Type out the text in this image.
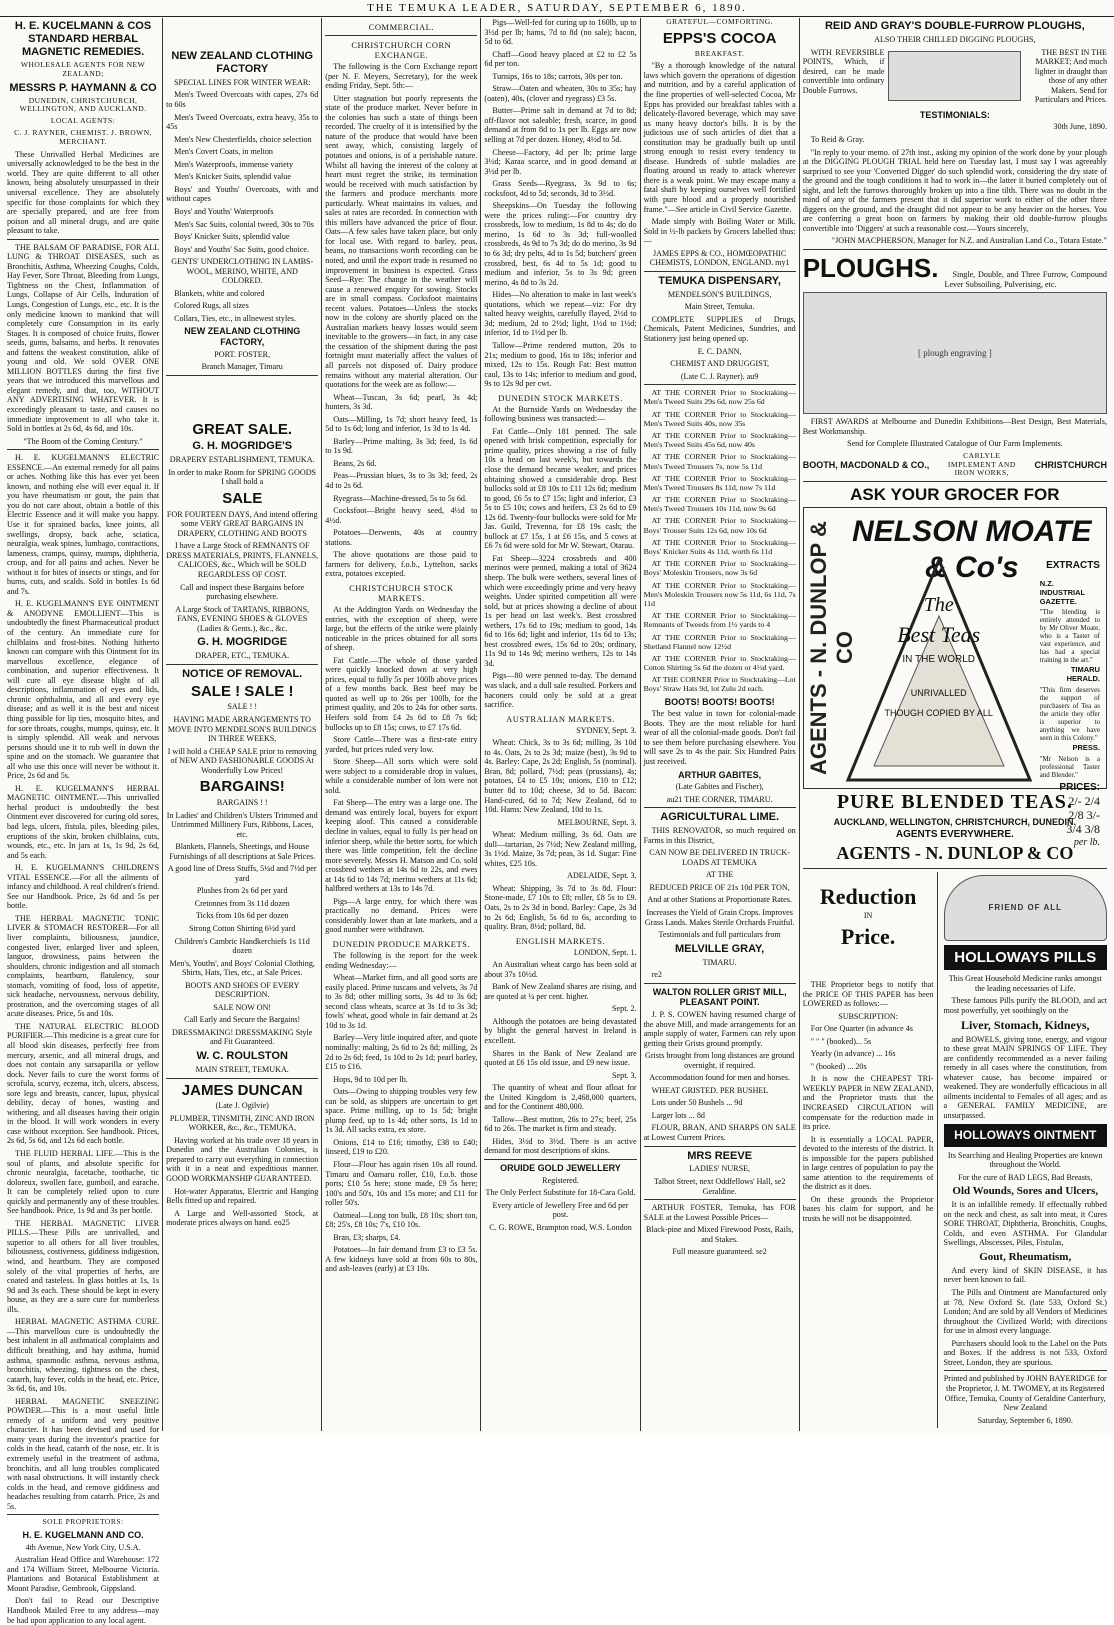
THE TEMUKA LEADER, SATURDAY, SEPTEMBER 6, 1890.
H. E. KUCELMANN & COS STANDARD HERBAL MAGNETIC REMEDIES.

WHOLESALE AGENTS FOR NEW ZEALAND;

MESSRS P. HAYMANN & CO

DUNEDIN, CHRISTCHURCH, WELLINGTON, AND AUCKLAND.

LOCAL AGENTS:

C. J. RAYNER, CHEMIST. J. BROWN, MERCHANT.

These Unrivalled Herbal Medicines are universally acknowledged to be the best in the world. They are quite different to all other known, being absolutely unsurpassed in their universal excellence. They are absolutely specific for those complaints for which they are specially prepared, and are free from poison and all mineral drugs, and are quite pleasant to take.

THE BALSAM OF PARADISE, FOR ALL LUNG & THROAT DISEASES, such as Bronchitis, Asthma, Wheezing Coughs, Colds, Hay Fever, Sore Throat, Bleeding from Lungs, Tightness on the Chest, Inflammation of Lungs, Collapse of Air Cells, Induration of Lungs, Congestion of Lungs, etc., etc. It is the only medicine known to mankind that will completely cure Consumption in its early Stages. It is composed of choice fruits, flower seeds, gums, balsams, and herbs. It renovates and fattens the weakest constitution, alike of young and old. We sold OVER ONE MILLION BOTTLES during the first five years that we introduced this marvellous and elegant remedy, and that, too, WITHOUT ANY ADVERTISING WHATEVER. It is exceedingly pleasant to taste, and causes no immediate improvement to all who take it. Sold in bottles at 2s 6d, 4s 6d, and 10s.

"The Boom of the Coming Century."

H. E. KUGELMANN'S ELECTRIC ESSENCE.—An external remedy for all pains or aches. Nothing like this has ever yet been known, and nothing else will ever equal it. If you have rheumatism or gout, the pain that you do not care about, obtain a bottle of this Electric Essence and it will make you happy. Use it for sprained backs, knee joints, all swellings, dropsy, back ache, sciatica, neuralgia, weak spines, lumbago, contractions, lameness, cramps, quinsy, mumps, diphtheria, croup, and for all pains and aches. Never be without it for bites of insects or stings, and for burns, cuts, and scalds. Sold in bottles 1s 6d and 7s.

H. E. KUGELMANN'S EYE OINTMENT & ANODYNE EMOLLIENT—This is undoubtedly the finest Pharmaceutical product of the century. An immediate cure for chilblains and frost-bites. Nothing hitherto known can compare with this Ointment for its marvellous excellence, elegance of combination, and superior effectiveness. It will cure all eye disease blight of all descriptions, inflammation of eyes and lids, chronic ophthalmia, and all and every eye disease; and as well it is the best and nicest thing possible for lip ties, mosquito bites, and for sore throats, coughs, mumps, quinsy, etc. It is simply splendid. All weak and nervous persons should use it to rub well in down the spine and on the stomach. We guarantee that all who use this once will never be without it. Price, 2s 6d and 5s.

H. E. KUGELMANN'S HERBAL MAGNETIC OINTMENT.—This unrivalled herbal product is undoubtedly the best Ointment ever discovered for curing old sores, bad legs, ulcers, fistula, piles, bleeding piles, eruptions of the skin, broken chilblains, cuts, wounds, etc., etc. In jars at 1s, 1s 9d, 2s 6d, and 5s each.

H. E. KUGELMANN'S CHILDREN'S VITAL ESSENCE.—For all the ailments of infancy and childhood. A real children's friend. See our Handbook. Price, 2s 6d and 5s per bottle.

THE HERBAL MAGNETIC TONIC LIVER & STOMACH RESTORER—For all liver complaints, biliousness, jaundice, congested liver, enlarged liver and spleen, languor, drowsiness, pains between the shoulders, chronic indigestion and all stomach complaints, heartburn, flatulency, sour stomach, vomiting of food, loss of appetite, sick headache, nervousness, nervous debility, prostration, and the overcoming stages of all acute diseases. Price, 5s and 10s.

THE NATURAL ELECTRIC BLOOD PURIFIER.—This medicine is a great cure for all blood skin diseases, perfectly free from mercury, arsenic, and all mineral drugs, and does not contain any sarsaparilla or yellow dock. Never fails to cure the worst forms of scrofula, scurvy, eczema, itch, ulcers, abscess, sore legs and breasts, cancer, lupus, physical debility, decay of bones, wasting and withering, and all diseases having their origin in the blood. It will work wonders in every case without exception. See handbook. Prices, 2s 6d, 5s 6d, and 12s 6d each bottle.

THE FLUID HERBAL LIFE.—This is the soul of plants, and absolute specific for chronic neuralgia, facetache, toothache, tic doloreux, swollen face, gumboil, and earache. It can be completely relied upon to cure quickly and permanently any of these troubles. See handbook. Price, 1s 9d and 3s per bottle.

THE HERBAL MAGNETIC LIVER PILLS.—These Pills are unrivalled, and superior to all others for all liver troubles, biliousness, costiveness, giddiness indigestion, wind, and heartburn. They are composed solely of the vital properties of herbs, are coated and tasteless. In glass bottles at 1s, 1s 9d and 3s each. These should be kept in every house, as they are a sure cure for numberless ills.

HERBAL MAGNETIC ASTHMA CURE.—This marvellous cure is undoubtedly the best inhalent in all asthmatical complaints and difficult breathing, and hay asthma, humid asthma, spasmodic asthma, nervous asthma, bronchitis, wheezing, tightness on the chest, catarrh, hay fever, colds in the head, etc. Price, 3s 6d, 6s, and 10s.

HERBAL MAGNETIC SNEEZING POWDER.—This is a most useful little remedy of a uniform and very positive character. It has been devised and used for many years during the inventor's practice for colds in the head, catarrh of the nose, etc. It is extremely useful in the treatment of asthma, bronchitis, and all lung troubles complicated with nasal obstructions. It will instantly check colds in the head, and remove giddiness and headaches resulting from catarrh. Price, 2s and 5s.

SOLE PROPRIETORS:

H. E. KUGELMANN AND CO.

4th Avenue, New York City, U.S.A.

Australian Head Office and Warehouse: 172 and 174 William Street, Melbourne Victoria. Plantations and Botanical Establishment at Mount Paradise, Gembrook, Gippsland.

Don't fail to Read our Descriptive Handbook Mailed Free to any address—may be had upon application to any local agent.

NEW ZEALAND CLOTHING FACTORY

SPECIAL LINES FOR WINTER WEAR:

Men's Tweed Overcoats with capes, 27s 6d to 60s

Men's Tweed Overcoats, extra heavy, 35s to 45s

Men's New Chesterfields, choice selection

Men's Covert Coats, in melton

Men's Waterproofs, immense variety

Men's Knicker Suits, splendid value

Boys' and Youths' Overcoats, with and without capes

Boys' and Youths' Waterproofs

Men's Sac Suits, colonial tweed, 30s to 70s

Boys' Knicker Suits, splendid value

Boys' and Youths' Sac Suits, good choice.

GENTS' UNDERCLOTHING IN LAMBS-WOOL, MERINO, WHITE, AND COLORED.

Blankets, white and colored

Colored Rugs, all sizes

Collars, Ties, etc., in allnewest styles.

NEW ZEALAND CLOTHING FACTORY,

PORT. FOSTER,

Branch Manager, Timaru

GREAT SALE.
G. H. MOGRIDGE'S

DRAPERY ESTABLISHMENT, TEMUKA.

In order to make Room for SPRING GOODS I shall hold a

SALE

FOR FOURTEEN DAYS, And intend offering some VERY GREAT BARGAINS IN DRAPERY, CLOTHING AND BOOTS

I have a Large Stock of REMNANTS OF DRESS MATERIALS, PRINTS, FLANNELS, CALICOES, &c., Which will be SOLD REGARDLESS OF COST.

Call and inspect these Bargains before purchasing elsewhere.

A Large Stock of TARTANS, RIBBONS, FANS, EVENING SHOES & GLOVES (Ladies & Gents.), &c., &c.

G. H. MOGRIDGE

DRAPER, ETC., TEMUKA.

NOTICE OF REMOVAL.
SALE ! SALE !

SALE ! !

HAVING MADE ARRANGEMENTS TO MOVE INTO MENDELSON'S BUILDINGS IN THREE WEEKS,

I will hold a CHEAP SALE prior to removing of NEW AND FASHIONABLE GOODS At Wonderfully Low Prices!

BARGAINS!

BARGAINS ! !

In Ladies' and Children's Ulsters Trimmed and Untrimmed Millinery Furs, Ribbons, Laces, etc.

Blankets, Flannels, Sheetings, and House Furnishings of all descriptions at Sale Prices.

A good line of Dress Stuffs, 5¼d and 7½d per yard

Plushes from 2s 6d per yard

Cretonnes from 3s 11d dozen

Ticks from 10s 6d per dozen

Strong Cotton Shirting 6½d yard

Children's Cambric Handkerchiefs 1s 11d dozen

Men's, Youths', and Boys' Colonial Clothing, Shirts, Hats, Ties, etc., at Sale Prices.

BOOTS AND SHOES OF EVERY DESCRIPTION.

SALE NOW ON!

Call Early and Secure the Bargains!

DRESSMAKING! DRESSMAKING Style and Fit Guaranteed.

W. C. ROULSTON

MAIN STREET, TEMUKA.

JAMES DUNCAN

(Late J. Ogilvie)

PLUMBER, TINSMITH, ZINC AND IRON WORKER, &c., &c., TEMUKA,

Having worked at his trade over 18 years in Dunedin and the Australian Colonies, is prepared to carry out everything in connection with it in a neat and expeditious manner. GOOD WORKMANSHIP GUARANTEED.

Hot-water Apparatus, Electric and Hanging Bells fitted up and repaired.

A Large and Well-assorted Stock, at moderate prices always on hand. eo25

COMMERCIAL.
CHRISTCHURCH CORN EXCHANGE.

The following is the Corn Exchange report (per N. F. Meyers, Secretary), for the week ending Friday, Sept. 5th:—

Utter stagnation but poorly represents the state of the produce market. Never before in the colonies has such a state of things been recorded. The cruelty of it is intensified by the nature of the produce that would have been sent away, which, consisting largely of potatoes and onions, is of a perishable nature. Whilst all having the interest of the colony at heart must regret the strike, its termination would be received with much satisfaction by the farmers and produce merchants more particularly. Wheat maintains its values, and sales at rates are recorded. In connection with this millers have advanced the price of flour. Oats—A few sales have taken place, but only for local use. With regard to barley, peas, beans, no transactions worth recording can be noted, and until the export trade is resumed no improvement in business is expected. Grass Seed—Rye: The change in the weather will cause a renewed enquiry for sowing. Stocks are in small compass. Cocksfoot maintains recent values. Potatoes—Unless the stocks now in the colony are shortly placed on the Australian markets heavy losses would seem inevitable to the growers—in fact, in any case the cessation of the shipment during the past fortnight must materially affect the values of all parcels not disposed of. Dairy produce remains without any material alteration. Our quotations for the week are as follow:—

Wheat—Tuscan, 3s 6d; pearl, 3s 4d; hunters, 3s 3d.

Oats—Milling, 1s 7d; short heavy feed, 1s 5d to 1s 6d; long and inferior, 1s 3d to 1s 4d.

Barley—Prime malting, 3s 3d; feed, 1s 6d to 1s 9d.

Beans, 2s 6d.

Peas—Prussian blues, 3s to 3s 3d; feed, 2s 4d to 2s 6d.

Ryegrass—Machine-dressed, 5s to 5s 6d.

Cocksfoot—Bright heavy seed, 4½d to 4½d.

Potatoes—Derwents, 40s at country stations.

The above quotations are those paid to farmers for delivery, f.o.b., Lyttelton, sacks extra, potatoes excepted.

CHRISTCHURCH STOCK MARKETS.

At the Addington Yards on Wednesday the entries, with the exception of sheep, were large, but the effects of the strike were plainly noticeable in the prices obtained for all sorts of sheep.

Fat Cattle.—The whole of those yarded were quickly knocked down at very high prices, equal to fully 5s per 100lb above prices of a few months back. Best beef may be quoted as well up to 26s per 100lb, for the primest quality, and 20s to 24s for other sorts. Heifers sold from £4 2s 6d to £8 7s 6d; bullocks up to £8 15s; cows, to £7 17s 6d.

Store Cattle—There was a first-rate entry yarded, but prices ruled very low.

Store Sheep—All sorts which were sold were subject to a considerable drop in values, while a considerable number of lots were not sold.

Fat Sheep—The entry was a large one. The demand was entirely local, buyers for export keeping aloof. This caused a considerable decline in values, equal to fully 1s per head on inferior sheep, while the better sorts, for which there was little competition, felt the decline more severely. Messrs H. Matson and Co. sold crossbred wethers at 14s 6d to 22s, and ewes at 14s 6d to 14s 7d; merino wethers at 11s 6d; halfbred wethers at 13s to 14s 7d.

Pigs—A large entry, for which there was practically no demand. Prices were considerably lower than at late markets, and a good number were withdrawn.

DUNEDIN PRODUCE MARKETS.

The following is the report for the week ending Wednesday:—

Wheat—Market firm, and all good sorts are easily placed. Prime tuscans and velvets, 3s 7d to 3s 8d; other milling sorts, 3s 4d to 3s 6d; second class wheats, scarce at 3s 1d to 3s 3d; fowls' wheat, good whole in fair demand at 2s 10d to 3s 1d.

Barley—Very little inquired after, and quote nominally: malting, 2s 6d to 2s 8d; milling, 2s 2d to 2s 6d; feed, 1s 10d to 2s 1d; pearl barley, £15 to £16.

Hops, 9d to 10d per lb.

Oats—Owing to shipping troubles very few can be sold, as shippers are uncertain to get space. Prime milling, up to 1s 5d; bright plump feed, up to 1s 4d; other sorts, 1s 1d to 1s 3d. All sacks extra, ex store.

Onions, £14 to £16; timothy, £38 to £40; linseed, £19 to £20.

Flour—Flour has again risen 10s all round. Timaru and Oamaru roller, £10, f.o.b. those ports; £10 5s here; stone made, £9 5s here; 100's and 50's, 10s and 15s more; and £11 for roller 50's.

Oatmeal—Long ton bulk, £8 10s; short ton, £8; 25's, £8 10s; 7's, £10 10s.

Bran, £3; sharps, £4.

Potatoes—In fair demand from £3 to £3 5s. A few kidneys have sold at from 60s to 80s, and ash-leaves (early) at £3 10s.

Pigs—Well-fed for curing up to 160lb, up to 3½d per lb; hams, 7d to 8d (no sale); bacon, 5d to 6d.

Chaff—Good heavy placed at £2 to £2 5s 6d per ton.

Turnips, 16s to 18s; carrots, 30s per ton.

Straw—Oaten and wheaten, 30s to 35s; hay (oaten), 40s, (clover and ryegrass) £3 5s.

Butter—Prime salt in demand at 7d to 8d; off-flavor not saleable; fresh, scarce, in good demand at from 8d to 1s per lb. Eggs are now selling at 7d per dozen. Honey, 4½d to 5d.

Cheese—Factory, 4d per lb; prime large 3½d; Karaa scarce, and in good demand at 3½d per lb.

Grass Seeds—Ryegrass, 3s 9d to 6s; cocksfoot, 4d to 5d; seconds, 3d to 3½d.

Sheepskins—On Tuesday the following were the prices ruling:—For country dry crossbreds, low to medium, 1s 8d to 4s; do do merino, 1s 6d to 3s 3d; full-woolled crossbreds, 4s 9d to 7s 3d; do do merino, 3s 9d to 6s 3d; dry pelts, 4d to 1s 5d; butchers' green crossbred, best, 6s 4d to 5s 1d; good to medium and inferior, 5s to 3s 9d; green merino, 4s 8d to 3s 2d.

Hides—No alteration to make in last week's quotations, which we repeat—viz: For dry salted heavy weights, carefully flayed, 2½d to 3d; medium, 2d to 2½d; light, 1½d to 1½d; inferior, 1d to 1½d per lb.

Tallow—Prime rendered mutton, 20s to 21s; medium to good, 16s to 18s; inferior and mixed, 12s to 15s. Rough Fat: Best mutton caul, 13s to 14s; inferior to medium and good, 9s to 12s 9d per cwt.

DUNEDIN STOCK MARKETS.

At the Burnside Yards on Wednesday the following business was transacted:—

Fat Cattle—Only 181 penned. The sale opened with brisk competition, especially for prime quality, prices showing a rise of fully 10s a head on last week's, but towards the close the demand became weaker, and prices obtaining showed a considerable drop. Best bullocks sold at £8 10s to £11 12s 6d; medium to good, £6 5s to £7 15s; light and inferior, £3 5s to £5 10s; cows and heifers, £3 2s 6d to £9 12s 6d. Twenty-four bullocks were sold for Mr Jas. Guild, Trevenna, for £8 19s cash; the bullock at £7 15s, 1 at £6 15s, and 5 cows at £6 7s 6d were sold for Mr W. Stewart, Otarau.

Fat Sheep—3224 crossbreds and 400 merinos were penned, making a total of 3624 sheep. The bulk were wethers, several lines of which were exceedingly prime and very heavy weights. Under spirited competition all were sold, but at prices showing a decline of about 1s per head on last week's. Best crossbred wethers, 17s 6d to 19s; medium to good, 14s 6d to 16s 6d; light and inferior, 11s 6d to 13s; best crossbred ewes, 15s 6d to 20s; ordinary, 11s 9d to 14s 9d; merino wethers, 12s to 14s 3d.

Pigs—80 were penned to-day. The demand was slack, and a dull sale resulted. Porkers and baconers could only be sold at a great sacrifice.

AUSTRALIAN MARKETS.

SYDNEY, Sept. 3.

Wheat: Chick, 3s to 3s 6d; milling, 3s 10d to 4s. Oats, 2s to 2s 3d; maize (best), 3s 9d to 4s. Barley: Cape, 2s 2d; English, 5s (nominal). Bran, 8d; pollard, 7½d; peas (prussians), 4s; potatoes, £4 to £5 10s; onions, £10 to £12; butter 8d to 10d; cheese, 3d to 5d. Bacon: Hand-cured, 6d to 7d; New Zealand, 6d to 10d. Hams: New Zealand, 10d to 1s.

MELBOURNE, Sept. 3.

Wheat: Medium milling, 3s 6d. Oats are dull—tartarian, 2s 7½d; New Zealand milling, 3s 1½d. Maize, 3s 7d; peas, 3s 1d. Sugar: Fine whites, £25 10s.

ADELAIDE, Sept. 3.

Wheat: Shipping, 3s 7d to 3s 8d. Flour: Stone-made, £7 10s to £8; roller, £8 5s to £9. Oats, 2s to 2s 3d in bond. Barley: Cape, 2s 3d to 2s 6d; English, 5s 6d to 6s, according to quality. Bran, 8½d; pollard, 8d.

ENGLISH MARKETS.

LONDON, Sept. 1.

An Australian wheat cargo has been sold at about 37s 10½d.

Bank of New Zealand shares are rising, and are quoted at ¼ per cent. higher.

Sept. 2.

Although the potatoes are being devastated by blight the general harvest in Ireland is excellent.

Shares in the Bank of New Zealand are quoted at £6 15s old issue, and £9 new issue.

Sept. 3.

The quantity of wheat and flour afloat for the United Kingdom is 2,468,000 quarters, and for the Continent 480,000.

Tallow—Best mutton, 26s to 27s; beef, 25s 6d to 26s. The market is firm and steady.

Hides, 3½d to 3½d. There is an active demand for most descriptions of skins.

ORUIDE GOLD JEWELLERY

Registered.

The Only Perfect Substitute for 18-Cara Gold.

Every article of Jewellery Free and 6d per post.

C. G. ROWE, Brampton road, W.S. London

GRATEFUL—COMFORTING.

EPPS'S COCOA

BREAKFAST.

"By a thorough knowledge of the natural laws which govern the operations of digestion and nutrition, and by a careful application of the fine properties of well-selected Cocoa, Mr Epps has provided our breakfast tables with a delicately-flavored beverage, which may save us many heavy doctor's bills. It is by the judicious use of such articles of diet that a constitution may be gradually built up until strong enough to resist every tendency to disease. Hundreds of subtle maladies are floating around us ready to attack wherever there is a weak point. We may escape many a fatal shaft by keeping ourselves well fortified with pure blood and a properly nourished frame."—See article in Civil Service Gazette.

Made simply with Boiling Water or Milk. Sold in ½-lb packets by Grocers labelled thus:—

JAMES EPPS & CO., HOMŒOPATHIC CHEMISTS, LONDON, ENGLAND. my1

TEMUKA DISPENSARY,

MENDELSON'S BUILDINGS,

Main Street, Temuka.

COMPLETE SUPPLIES of Drugs, Chemicals, Patent Medicines, Sundries, and Stationery just being opened up.

E. C. DANN,

CHEMIST AND DRUGGIST,

(Late C. J. Rayner). au9

AT THE CORNER Prior to Stocktaking—Men's Tweed Suits 29s 6d, now 25s 6d

AT THE CORNER Prior to Stocktaking—Men's Tweed Suits 40s, now 35s

AT THE CORNER Prior to Stocktaking—Men's Tweed Suits 45s 6d, now 40s

AT THE CORNER Prior to Stocktaking—Men's Tweed Trousers 7s, now 5s 11d

AT THE CORNER Prior to Stocktaking—Men's Tweed Trousers 8s 11d, now 7s 11d

AT THE CORNER Prior to Stocktaking—Men's Tweed Trousers 10s 11d, now 9s 6d

AT THE CORNER Prior to Stocktaking—Boys' Trouser Suits 12s 6d, now 10s 6d

AT THE CORNER Prior to Stocktaking—Boys' Knicker Suits 4s 11d, worth 6s 11d

AT THE CORNER Prior to Stocktaking—Boys' Moleskin Trousers, now 3s 6d

AT THE CORNER Prior to Stocktaking—Men's Moleskin Trousers now 5s 11d, 6s 11d, 7s 11d

AT THE CORNER Prior to Stocktaking—Remnants of Tweeds from 1½ yards to 4

AT THE CORNER Prior to Stocktaking—Shetland Flannel now 12½d

AT THE CORNER Prior to Stocktaking—Cotton Shirting 5s 6d the dozen or 4½d yard.

AT THE CORNER Prior to Stocktaking—Lot Boys' Straw Hats 9d, lot Zulu 2d each.

BOOTS! BOOTS! BOOTS!

The best value in town for colonial-made Boots. They are the most reliable for hard wear of all the colonial-made goods. Don't fail to see them before purchasing elsewhere. You will save 2s to 4s the pair. Six Hundred Pairs just received.

ARTHUR GABITES,

(Late Gabites and Fischer),

au21 THE CORNER, TIMARU.

AGRICULTURAL LIME.

THIS RENOVATOR, so much required on Farms in this District,

CAN NOW BE DELIVERED IN TRUCK-LOADS AT TEMUKA

AT THE

REDUCED PRICE OF 21s 10d PER TON,

And at other Stations at Proportionate Rates.

Increases the Yield of Grain Crops. Improves Grass Lands. Makes Sterile Orchards Fruitful.

Testimonials and full particulars from

MELVILLE GRAY,

TIMARU.

re2

WALTON ROLLER GRIST MILL, PLEASANT POINT.

J. P. S. COWEN having resumed charge of the above Mill, and made arrangements for an ample supply of water, Farmers can rely upon getting their Grists ground promptly.

Grists brought from long distances are ground overnight, if required.

Accommodation found for men and horses.

WHEAT GRISTED. PER BUSHEL

Lots under 50 Bushels ... 9d

Larger lots ... 8d

FLOUR, BRAN, AND SHARPS ON SALE at Lowest Current Prices.

MRS REEVE

LADIES' NURSE,

Talbot Street, next Oddfellows' Hall, se2 Geraldine.

ARTHUR FOSTER, Temuka, has FOR SALE at the Lowest Possible Prices—

Black-pine and Mixed Firewood Posts, Rails, and Stakes.

Full measure guaranteed. se2

REID AND GRAY'S DOUBLE-FURROW PLOUGHS,

ALSO THEIR CHILLED DIGGING PLOUGHS,

WITH REVERSIBLE POINTS, Which, if desired, can be made convertible into ordinary Double Furrows.

THE BEST IN THE MARKET; And much lighter in draught than those of any other Makers. Send for Particulars and Prices.

TESTIMONIALS:

30th June, 1890.

To Reid & Gray.

"In reply to your memo. of 27th inst., asking my opinion of the work done by your plough at the DIGGING PLOUGH TRIAL held here on Tuesday last, I must say I was agreeably surprised to see your 'Converted Digger' do such splendid work, considering the dry state of the ground and the tough conditions it had to work in—the latter it buried completely out of sight, and left the furrows thoroughly broken up into a fine tilth. There was no doubt in the mind of any of the farmers present that it did superior work to either of the other three diggers on the ground, and the draught did not appear to be any heavier on the horses. You are conferring a great boon on farmers by making their old double-furrow ploughs convertible into 'Diggers' at such a reasonable cost.—Yours sincerely,

"JOHN MACPHERSON, Manager for N.Z. and Australian Land Co., Totara Estate."

PLOUGHS.	Single, Double, and Three Furrow, Compound Lever Subsoiling, Pulverising, etc.

[ plough engraving ]

FIRST AWARDS at Melbourne and Dunedin Exhibitions—Best Design, Best Materials, Best Workmanship.

Send for Complete Illustrated Catalogue of Our Farm Implements.

BOOTH, MACDONALD & CO.,
CARLYLE IMPLEMENT AND IRON WORKS,
CHRISTCHURCH
ASK YOUR GROCER FOR
AGENTS - N. DUNLOP & CO
NELSON MOATE & Co's
The
Best Teas
IN THE WORLD
UNRIVALLED
THOUGH COPIED BY ALL
EXTRACTS
N.Z. INDUSTRIAL GAZETTE.
"The blending is entirely attended to by Mr Oliver Moate, who is a Taster of vast experience, and has had a special training in the art."
TIMARU HERALD.
"This firm deserves the support of purchasers of Tea as the article they offer is superior to anything we have seen in this Colony."
PRESS.
"Mr Nelson is a professional Taster and Blender."
PRICES:
2/- 2/4
2/8 3/-
3/4 3/8
per lb.
PURE BLENDED TEAS.
AUCKLAND, WELLINGTON, CHRISTCHURCH, DUNEDIN.
AGENTS EVERYWHERE.
AGENTS - N. DUNLOP & CO
Reduction

IN

Price.

THE Proprietor begs to notify that the PRICE OF THIS PAPER has been LOWERED as follows:—

SUBSCRIPTION:

For One Quarter (in advance 4s

" " " (booked)... 5s

Yearly (in advance) ... 16s

" (booked) ... 20s

It is now the CHEAPEST TRI-WEEKLY PAPER in NEW ZEALAND, and the Proprietor trusts that the INCREASED CIRCULATION will compensate for the reduction made in its price.

It is essentially a LOCAL PAPER, devoted to the interests of the district. It is impossible for the papers published in large centres of population to pay the same attention to the requirements of the district as it does.

On these grounds the Proprietor bases his claim for support, and he trusts he will not be disappointed.

FRIEND OF ALL
HOLLOWAYS PILLS

This Great Household Medicine ranks amongst the leading necessaries of Life.

These famous Pills purify the BLOOD, and act most powerfully, yet soothingly on the

Liver, Stomach, Kidneys,

and BOWELS, giving tone, energy, and vigour to these great MAIN SPRINGS OF LIFE. They are confidently recommended as a never failing remedy in all cases where the constitution, from whatever cause, has become impaired or weakened. They are wonderfully efficacious in all ailments incidental to Females of all ages; and as a GENERAL FAMILY MEDICINE, are unsurpassed.

HOLLOWAYS OINTMENT

Its Searching and Healing Properties are known throughout the World.

For the cure of BAD LEGS, Bad Breasts,

Old Wounds, Sores and Ulcers,

It is an infallible remedy. If effectually rubbed on the neck and chest, as salt into meat, it Cures SORE THROAT, Diphtheria, Bronchitis, Coughs, Colds, and even ASTHMA. For Glandular Swellings, Abscesses, Piles, Fistulas,

Gout, Rheumatism,

And every kind of SKIN DISEASE, it has never been known to fail.

The Pills and Ointment are Manufactured only at 78, New Oxford St. (late 533, Oxford St.) London; And are sold by all Vendors of Medicines throughout the Civilized World; with directions for use in almost every language.

Purchasers should look to the Label on the Pots and Boxes. If the address is not 533, Oxford Street, London, they are spurious.

Printed and published by JOHN BAYERIDGE for the Proprietor, J. M. TWOMEY, at its Registered Office, Temuka, County of Geraldine Canterbury, New Zealand

Saturday, September 6, 1890.
